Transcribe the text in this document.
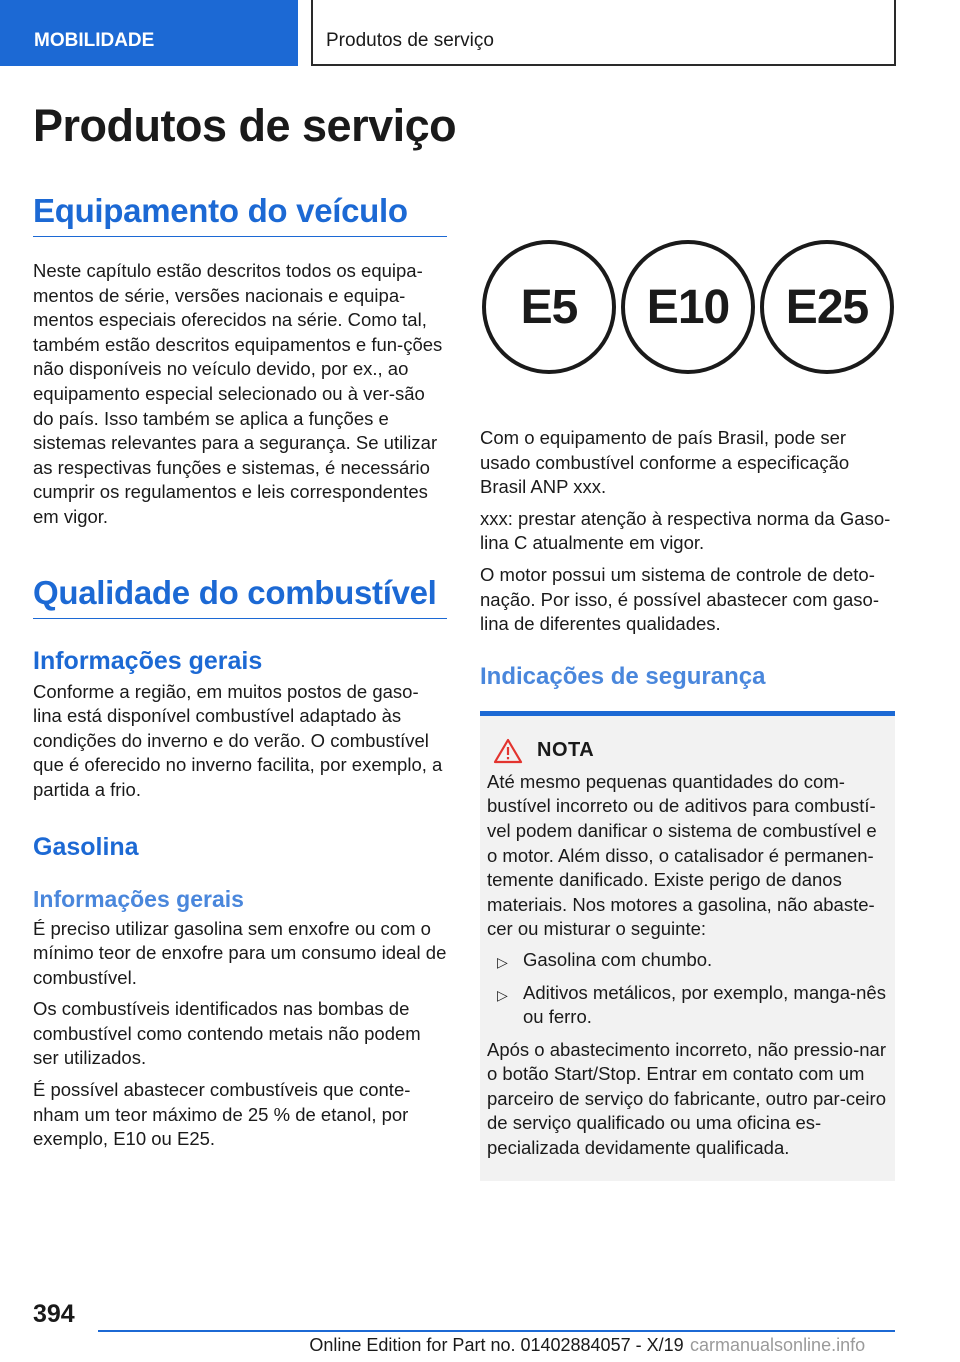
MOBILIDADE	Produtos de serviço
Produtos de serviço
Equipamento do veículo

Neste capítulo estão descritos todos os equipa-mentos de série, versões nacionais e equipa-mentos especiais oferecidos na série. Como tal, também estão descritos equipamentos e fun-ções não disponíveis no veículo devido, por ex., ao equipamento especial selecionado ou à ver-são do país. Isso também se aplica a funções e sistemas relevantes para a segurança. Se utilizar as respectivas funções e sistemas, é necessário cumprir os regulamentos e leis correspondentes em vigor.

Qualidade do combustível
Informações gerais

Conforme a região, em muitos postos de gaso-lina está disponível combustível adaptado às condições do inverno e do verão. O combustível que é oferecido no inverno facilita, por exemplo, a partida a frio.

Gasolina
Informações gerais

É preciso utilizar gasolina sem enxofre ou com o mínimo teor de enxofre para um consumo ideal de combustível.

Os combustíveis identificados nas bombas de combustível como contendo metais não podem ser utilizados.

É possível abastecer combustíveis que conte-nham um teor máximo de 25 % de etanol, por exemplo, E10 ou E25.

E5	E10	E25

Com o equipamento de país Brasil, pode ser usado combustível conforme a especificação Brasil ANP xxx.

xxx: prestar atenção à respectiva norma da Gaso-lina C atualmente em vigor.

O motor possui um sistema de controle de deto-nação. Por isso, é possível abastecer com gaso-lina de diferentes qualidades.

Indicações de segurança
NOTA

Até mesmo pequenas quantidades do com-bustível incorreto ou de aditivos para combustí-vel podem danificar o sistema de combustível e o motor. Além disso, o catalisador é permanen-temente danificado. Existe perigo de danos materiais. Nos motores a gasolina, não abaste-cer ou misturar o seguinte:

▷ Gasolina com chumbo.
▷ Aditivos metálicos, por exemplo, manga-nês ou ferro.

Após o abastecimento incorreto, não pressio-nar o botão Start/Stop. Entrar em contato com um parceiro de serviço do fabricante, outro par-ceiro de serviço qualificado ou uma oficina es-pecializada devidamente qualificada.

394
Online Edition for Part no. 01402884057 - X/19 carmanualsonline.info
